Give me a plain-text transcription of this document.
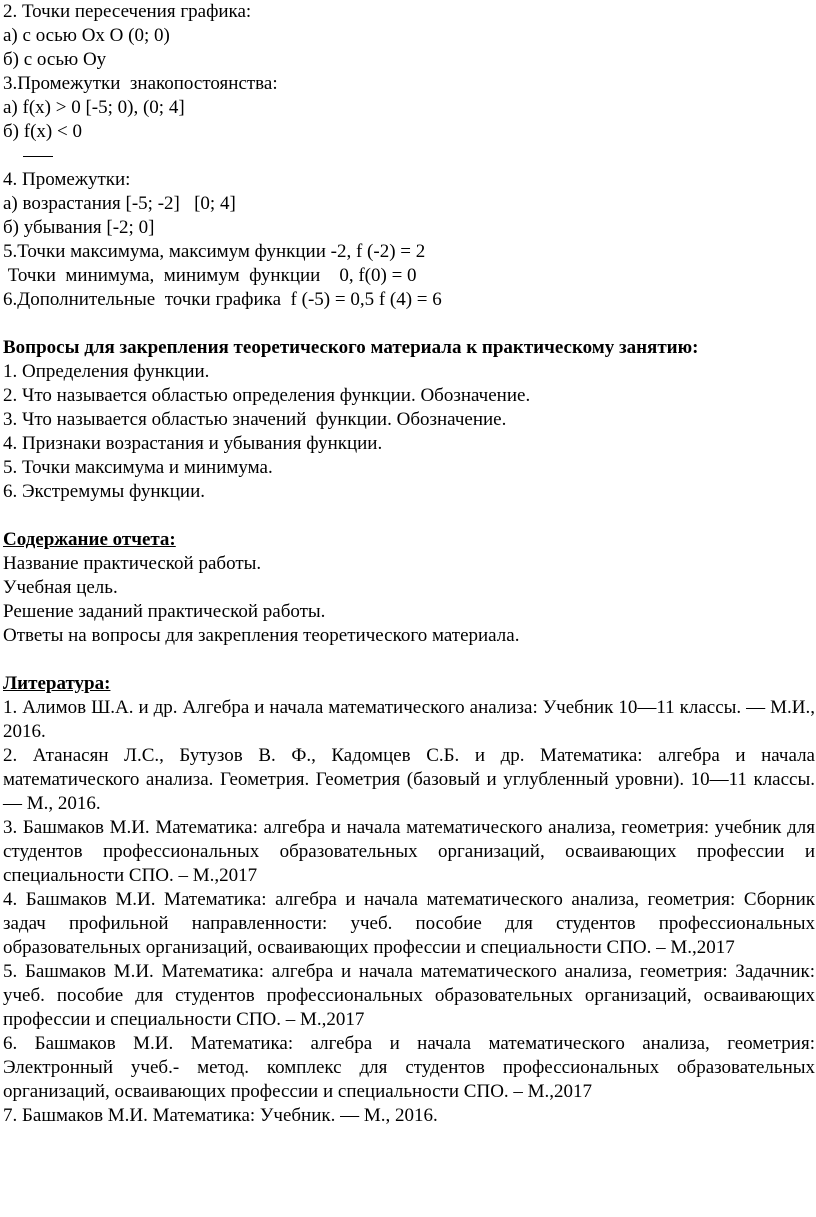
2. Точки пересечения графика:
а) с осью Ох О (0; 0)
б) с осью Оу
3.Промежутки  знакопостоянства:
а) f(x) > 0 [-5; 0), (0; 4]
б) f(x) < 0
4. Промежутки:
а) возрастания [-5; -2]   [0; 4]
б) убывания [-2; 0]
5.Точки максимума, максимум функции -2, f (-2) = 2
Точки  минимума,  минимум  функции    0, f(0) = 0
6.Дополнительные  точки графика  f (-5) = 0,5 f (4) = 6
Вопросы для закрепления теоретического материала к практическому занятию:
1. Определения функции.
2. Что называется областью определения функции. Обозначение.
3. Что называется областью значений  функции. Обозначение.
4. Признаки возрастания и убывания функции.
5. Точки максимума и минимума.
6. Экстремумы функции.
Содержание отчета:
Название практической работы.
Учебная цель.
Решение заданий практической работы.
Ответы на вопросы для закрепления теоретического материала.
Литература:

1. Алимов Ш.А. и др. Алгебра и начала математического анализа: Учебник 10—11 классы. — М.И., 2016.

2. Атанасян Л.С., Бутузов В. Ф., Кадомцев С.Б. и др. Математика: алгебра и начала математического анализа. Геометрия. Геометрия (базовый и углубленный уровни). 10—11 классы. — М., 2016.

3. Башмаков М.И. Математика: алгебра и начала математического анализа, геометрия: учебник для студентов профессиональных образовательных организаций, осваивающих профессии и специальности СПО. – М.,2017

4. Башмаков М.И. Математика: алгебра и начала математического анализа, геометрия: Сборник задач профильной направленности: учеб. пособие для студентов профессиональных образовательных организаций, осваивающих профессии и специальности СПО. – М.,2017

5. Башмаков М.И. Математика: алгебра и начала математического анализа, геометрия: Задачник: учеб. пособие для студентов профессиональных образовательных организаций, осваивающих профессии и специальности СПО. – М.,2017

6. Башмаков М.И. Математика: алгебра и начала математического анализа, геометрия: Электронный учеб.- метод. комплекс для студентов профессиональных образовательных организаций, осваивающих профессии и специальности СПО. – М.,2017

7. Башмаков М.И. Математика: Учебник. — М., 2016.
